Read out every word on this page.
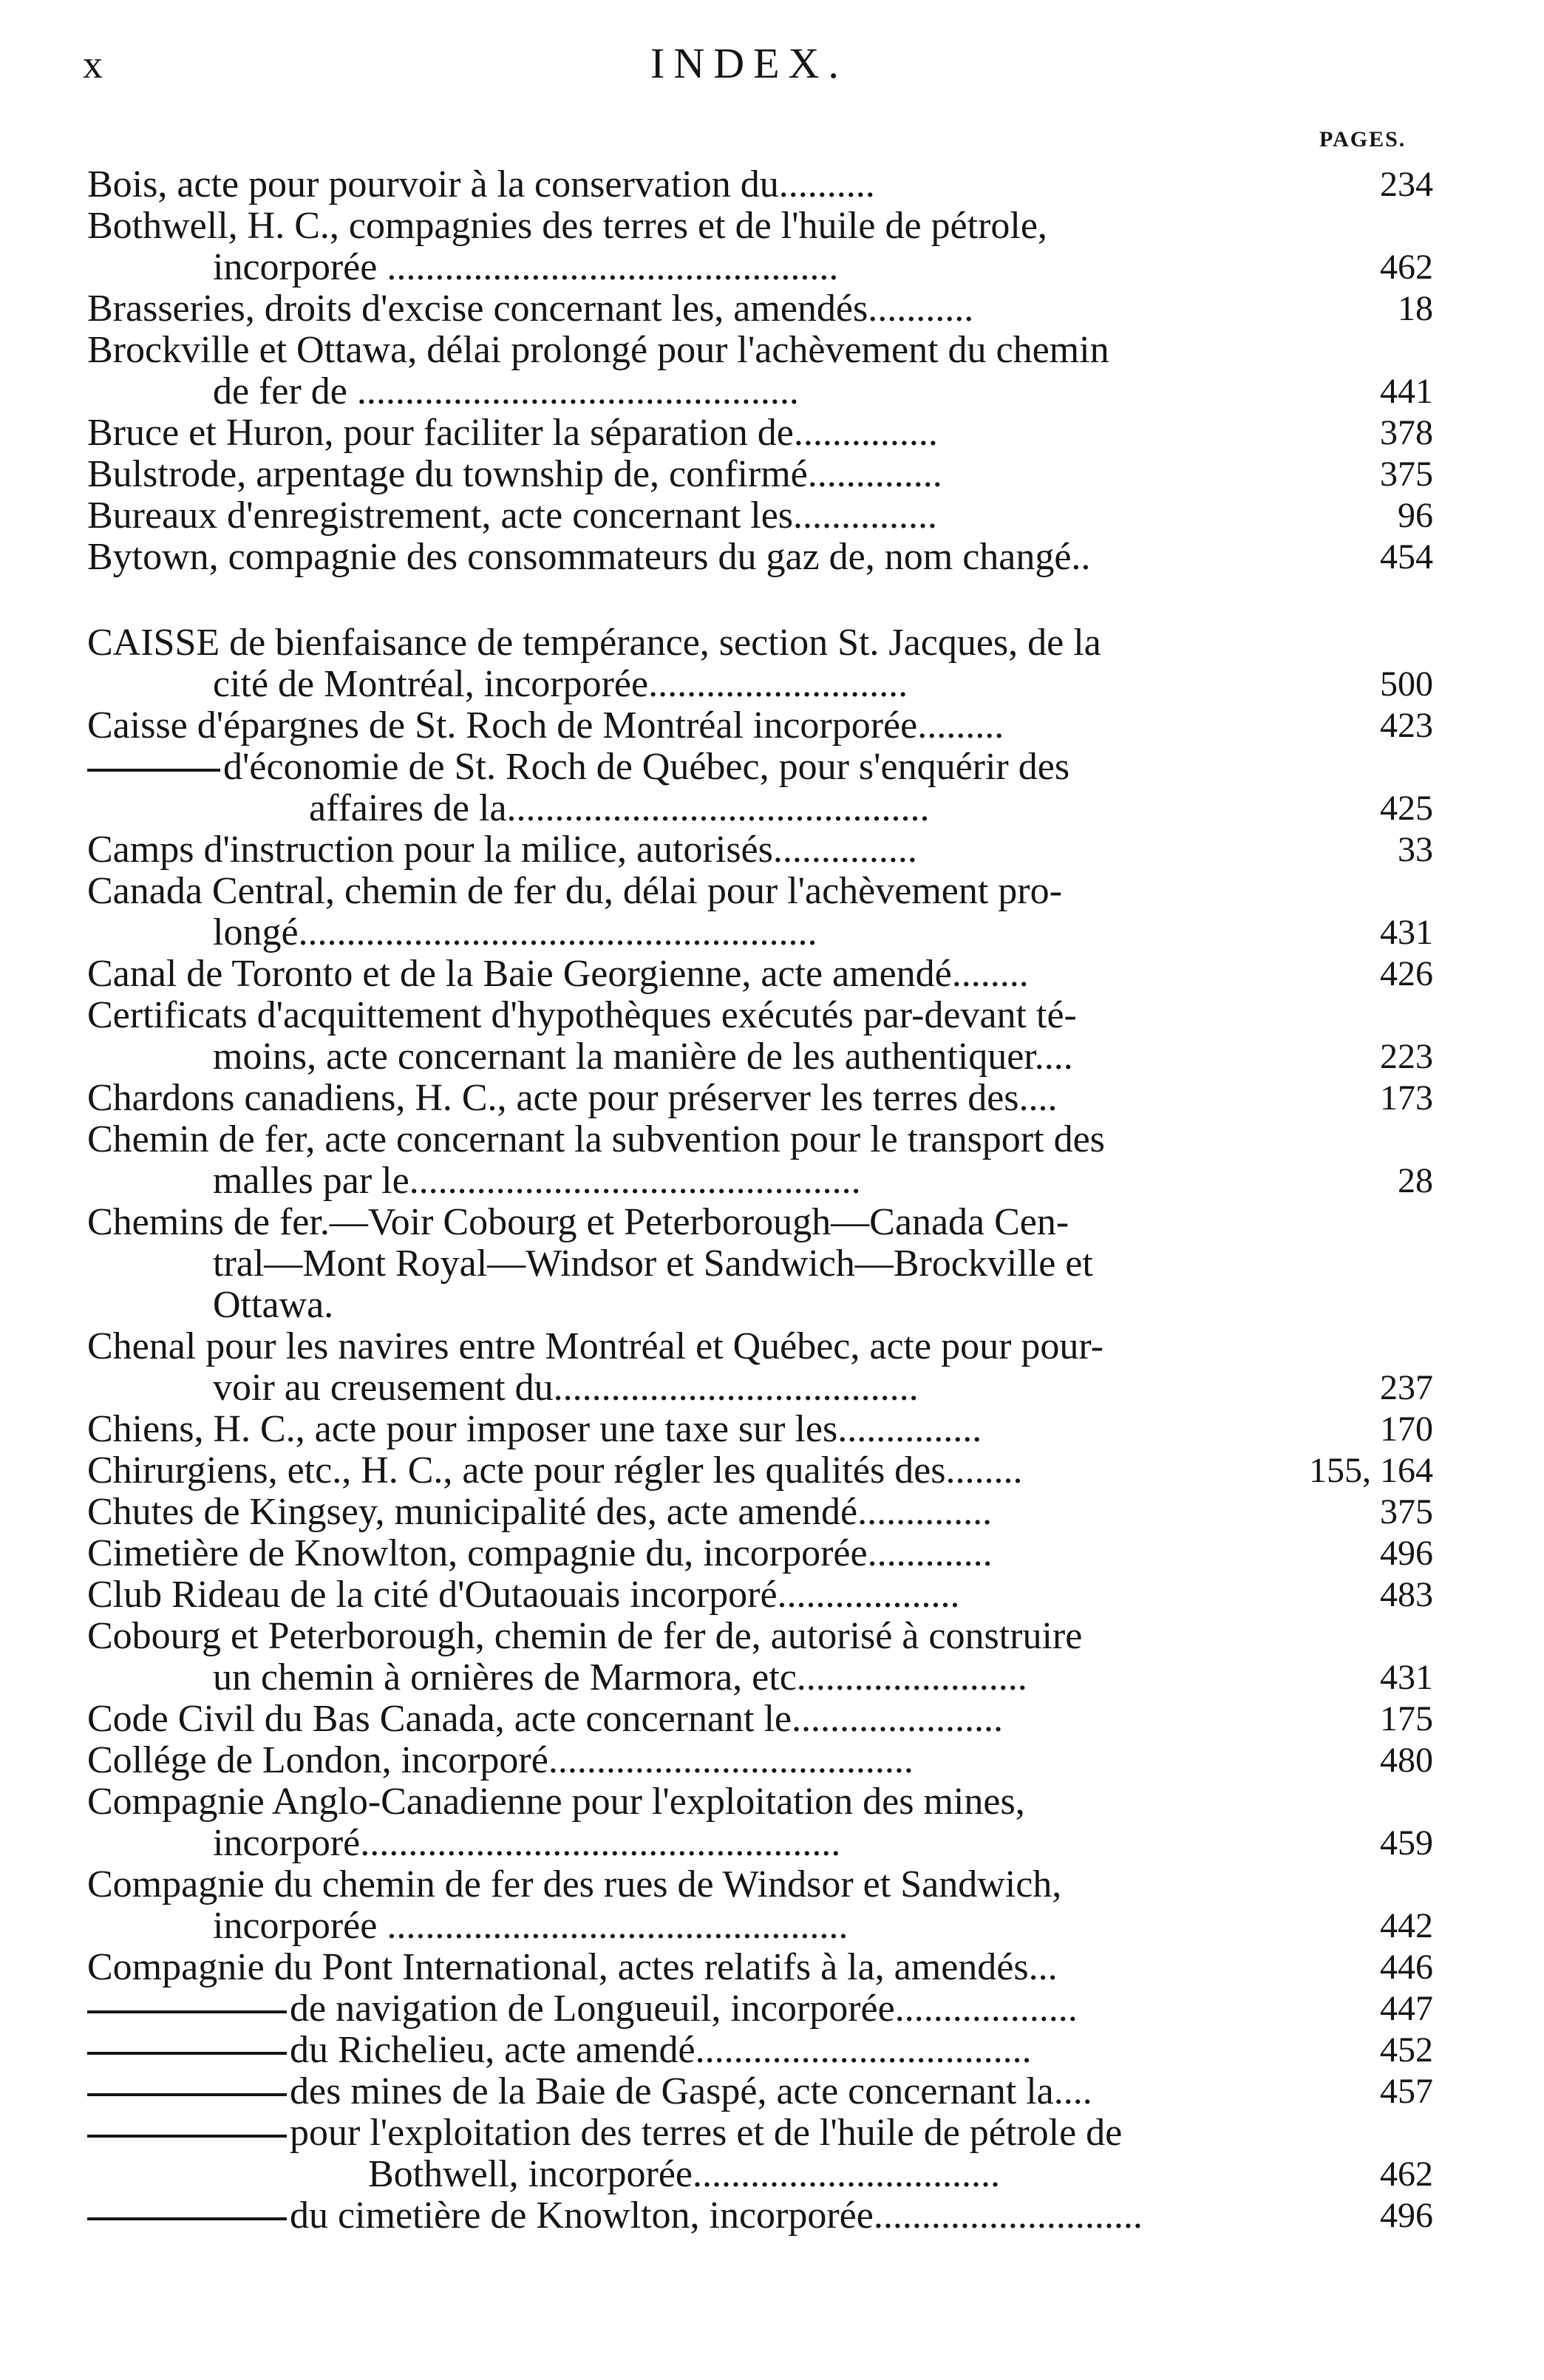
x	INDEX.
PAGES.
Bois, acte pour pourvoir à la conservation du..........	234
Bothwell, H. C., compagnies des terres et de l'huile de pétrole,
incorporée ...............................................	462
Brasseries, droits d'excise concernant les, amendés...........	18
Brockville et Ottawa, délai prolongé pour l'achèvement du chemin
de fer de ..............................................	441
Bruce et Huron, pour faciliter la séparation de...............	378
Bulstrode, arpentage du township de, confirmé..............	375
Bureaux d'enregistrement, acte concernant les...............	96
Bytown, compagnie des consommateurs du gaz de, nom changé..	454
CAISSE de bienfaisance de tempérance, section St. Jacques, de la
cité de Montréal, incorporée...........................	500
Caisse d'épargnes de St. Roch de Montréal incorporée.........	423
d'économie de St. Roch de Québec, pour s'enquérir des
affaires de la............................................	425
Camps d'instruction pour la milice, autorisés...............	33
Canada Central, chemin de fer du, délai pour l'achèvement pro-
longé......................................................	431
Canal de Toronto et de la Baie Georgienne, acte amendé........	426
Certificats d'acquittement d'hypothèques exécutés par-devant té-
moins, acte concernant la manière de les authentiquer....	223
Chardons canadiens, H. C., acte pour préserver les terres des....	173
Chemin de fer, acte concernant la subvention pour le transport des
malles par le...............................................	28
Chemins de fer.—Voir Cobourg et Peterborough—Canada Cen-
tral—Mont Royal—Windsor et Sandwich—Brockville et
Ottawa.
Chenal pour les navires entre Montréal et Québec, acte pour pour-
voir au creusement du......................................	237
Chiens, H. C., acte pour imposer une taxe sur les...............	170
Chirurgiens, etc., H. C., acte pour régler les qualités des........	155, 164
Chutes de Kingsey, municipalité des, acte amendé..............	375
Cimetière de Knowlton, compagnie du, incorporée.............	496
Club Rideau de la cité d'Outaouais incorporé...................	483
Cobourg et Peterborough, chemin de fer de, autorisé à construire
un chemin à ornières de Marmora, etc........................	431
Code Civil du Bas Canada, acte concernant le......................	175
Collége de London, incorporé......................................	480
Compagnie Anglo-Canadienne pour l'exploitation des mines,
incorporé..................................................	459
Compagnie du chemin de fer des rues de Windsor et Sandwich,
incorporée ................................................	442
Compagnie du Pont International, actes relatifs à la, amendés...	446
de navigation de Longueuil, incorporée...................	447
du Richelieu, acte amendé...................................	452
des mines de la Baie de Gaspé, acte concernant la....	457
pour l'exploitation des terres et de l'huile de pétrole de
Bothwell, incorporée................................	462
du cimetière de Knowlton, incorporée............................	496
